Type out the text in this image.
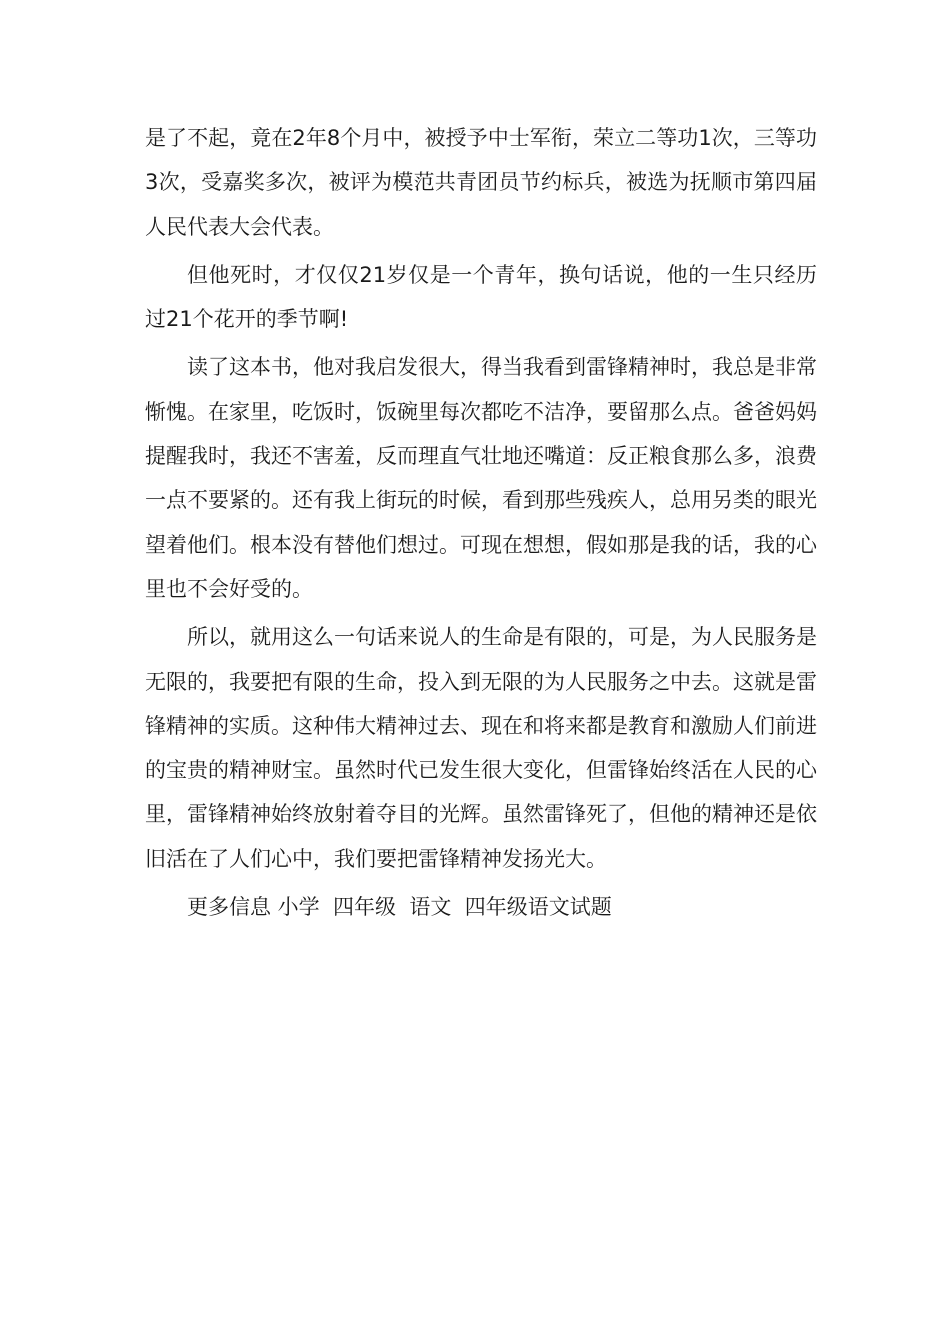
是了不起，竟在2年8个月中，被授予中士军衔，荣立二等功1次，三等功3次，受嘉奖多次，被评为模范共青团员节约标兵，被选为抚顺市第四届人民代表大会代表。

但他死时，才仅仅21岁仅是一个青年，换句话说，他的一生只经历过21个花开的季节啊!

读了这本书，他对我启发很大，得当我看到雷锋精神时，我总是非常惭愧。在家里，吃饭时，饭碗里每次都吃不洁净，要留那么点。爸爸妈妈提醒我时，我还不害羞，反而理直气壮地还嘴道：反正粮食那么多，浪费一点不要紧的。还有我上街玩的时候，看到那些残疾人，总用另类的眼光望着他们。根本没有替他们想过。可现在想想，假如那是我的话，我的心里也不会好受的。

所以，就用这么一句话来说人的生命是有限的，可是，为人民服务是无限的，我要把有限的生命，投入到无限的为人民服务之中去。这就是雷锋精神的实质。这种伟大精神过去、现在和将来都是教育和激励人们前进的宝贵的精神财宝。虽然时代已发生很大变化，但雷锋始终活在人民的心里，雷锋精神始终放射着夺目的光辉。虽然雷锋死了，但他的精神还是依旧活在了人们心中，我们要把雷锋精神发扬光大。

更多信息 小学  四年级  语文  四年级语文试题
